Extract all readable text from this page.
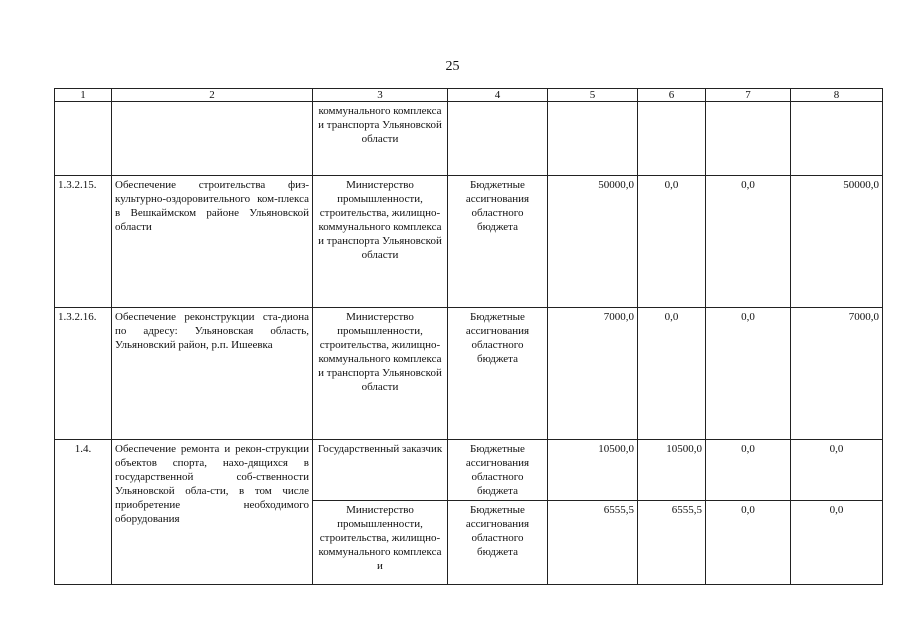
25
1	2	3	4	5	6	7	8
		коммунального комплекса и транспорта Ульяновской области					
1.3.2.15.	Обеспечение строительства физ-культурно-оздоровительного ком-плекса в Вешкаймском районе Ульяновской области	Министерство промышленности, строительства, жилищно-коммунального комплекса и транспорта Ульяновской области	Бюджетные ассигнования областного бюджета	50000,0	0,0	0,0	50000,0
1.3.2.16.	Обеспечение реконструкции ста-диона по адресу: Ульяновская область, Ульяновский район, р.п. Ишеевка	Министерство промышленности, строительства, жилищно-коммунального комплекса и транспорта Ульяновской области	Бюджетные ассигнования областного бюджета	7000,0	0,0	0,0	7000,0
1.4.	Обеспечение ремонта и рекон-струкции объектов спорта, нахо-дящихся в государственной соб-ственности Ульяновской обла-сти, в том числе приобретение необходимого оборудования	Государственный заказчик	Бюджетные ассигнования областного бюджета	10500,0	10500,0	0,0	0,0
		Министерство промышленности, строительства, жилищно-коммунального комплекса и	Бюджетные ассигнования областного бюджета	6555,5	6555,5	0,0	0,0
